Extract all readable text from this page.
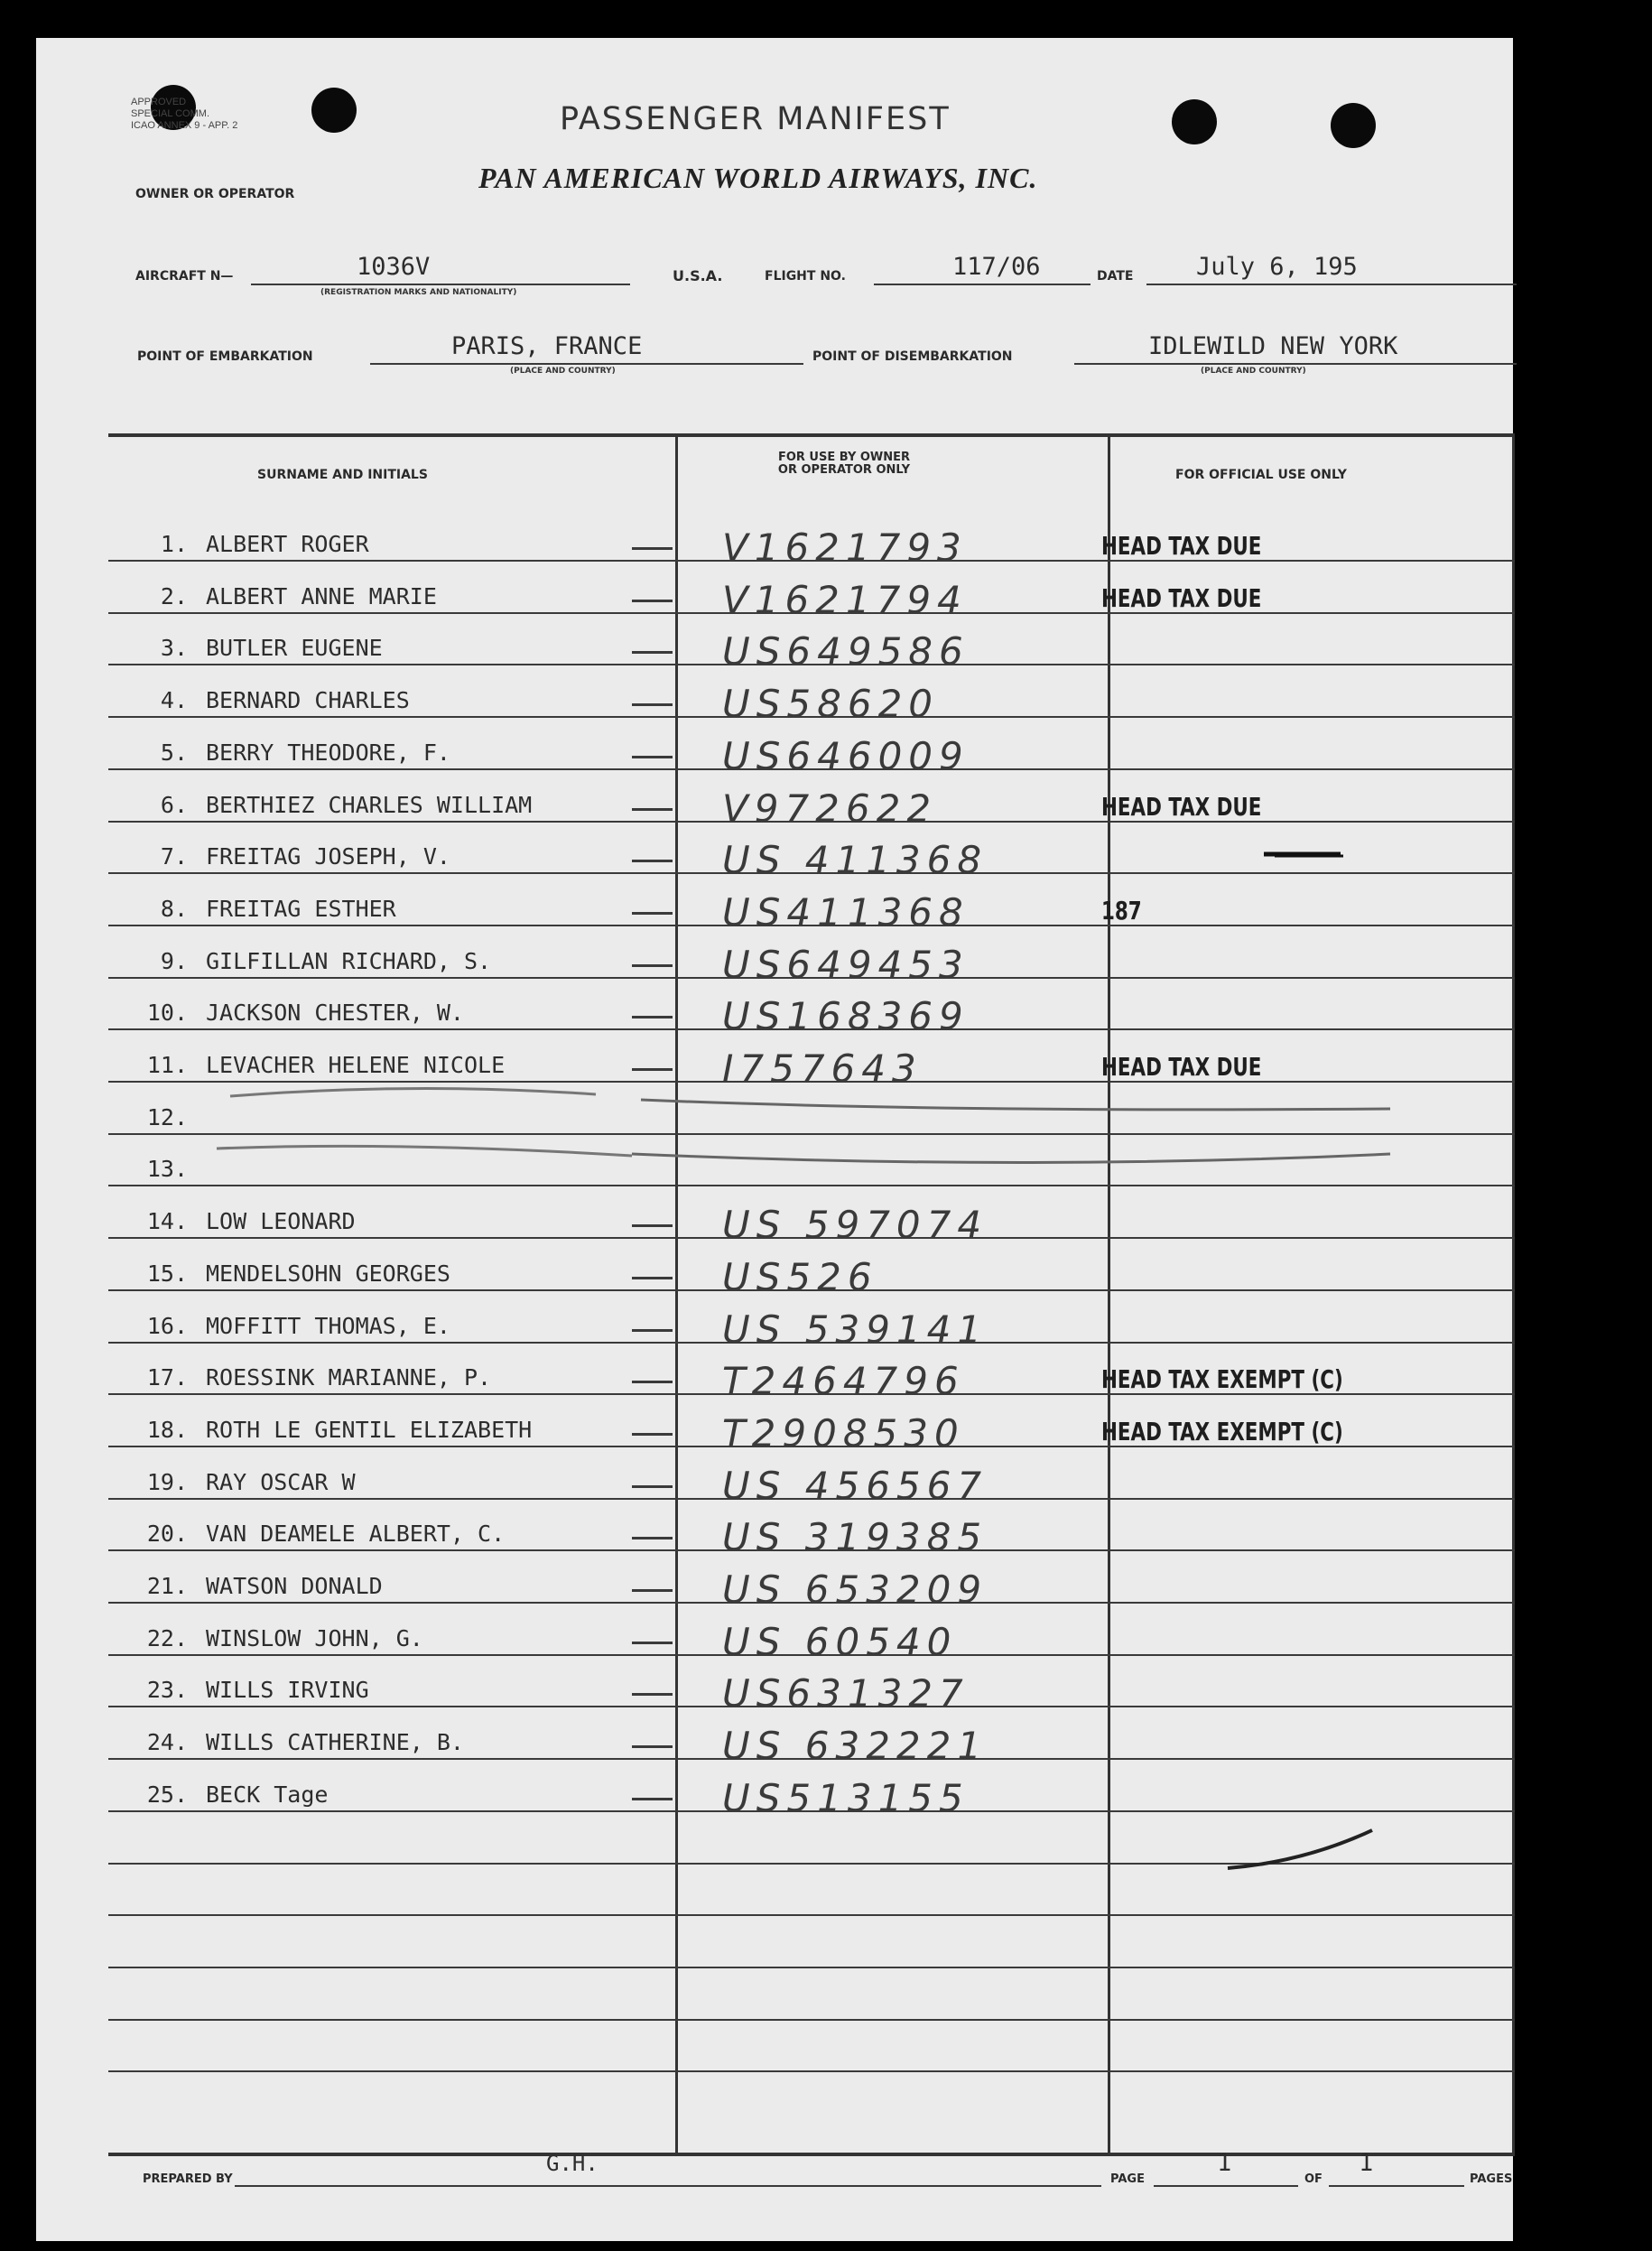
APPROVED
SPECIAL COMM.
ICAO ANNEX 9 - APP. 2	PASSENGER MANIFEST
OWNER OR OPERATOR	PAN AMERICAN WORLD AIRWAYS, INC.
AIRCRAFT N—	1036V
(REGISTRATION MARKS AND NATIONALITY)
U.S.A.	FLIGHT NO.	117/06	DATE	July 6, 195
POINT OF EMBARKATION	PARIS, FRANCE
(PLACE AND COUNTRY)
POINT OF DISEMBARKATION	IDLEWILD NEW YORK
(PLACE AND COUNTRY)
SURNAME AND INITIALS
FOR USE BY OWNER
OR OPERATOR ONLY	FOR OFFICIAL USE ONLY
1. ALBERT ROGER	V1621793	HEAD TAX DUE
2. ALBERT ANNE MARIE	V1621794	HEAD TAX DUE
3. BUTLER EUGENE	US649586
4. BERNARD CHARLES	US58620
5. BERRY THEODORE, F.	US646009
6. BERTHIEZ CHARLES WILLIAM	V972622	HEAD TAX DUE
7. FREITAG JOSEPH, V.	US 411368
8. FREITAG ESTHER	US411368	187
9. GILFILLAN RICHARD, S.	US649453
10. JACKSON CHESTER, W.	US168369
11. LEVACHER HELENE NICOLE	I757643	HEAD TAX DUE
12.
13.
14. LOW LEONARD	US 597074
15. MENDELSOHN GEORGES	US526
16. MOFFITT THOMAS, E.	US 539141
17. ROESSINK MARIANNE, P.	T2464796	HEAD TAX EXEMPT (C)
18. ROTH LE GENTIL ELIZABETH	T2908530	HEAD TAX EXEMPT (C)
19. RAY OSCAR W	US 456567
20. VAN DEAMELE ALBERT, C.	US 319385
21. WATSON DONALD	US 653209
22. WINSLOW JOHN, G.	US 60540
23. WILLS IRVING	US631327
24. WILLS CATHERINE, B.	US 632221
25. BECK Tage	US513155
PREPARED BY
G.H.
PAGE
1
OF
1
PAGES
